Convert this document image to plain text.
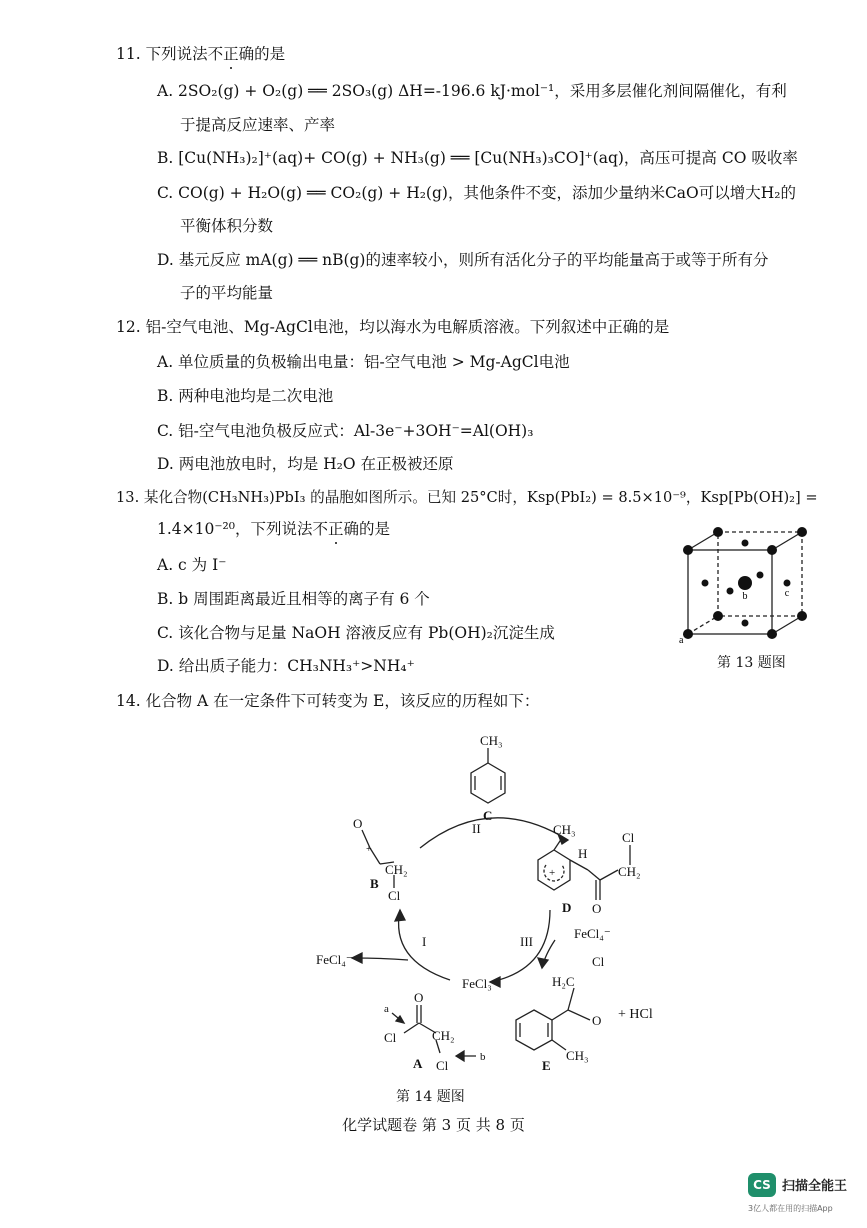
11. 下列说法不正确的是
A. 2SO₂(g) + O₂(g) ══ 2SO₃(g) ΔH=-196.6 kJ·mol⁻¹，采用多层催化剂间隔催化，有利
于提高反应速率、产率
B. [Cu(NH₃)₂]⁺(aq)+ CO(g) + NH₃(g) ══ [Cu(NH₃)₃CO]⁺(aq)，高压可提高 CO 吸收率
C. CO(g) + H₂O(g) ══ CO₂(g) + H₂(g)，其他条件不变，添加少量纳米CaO可以增大H₂的
平衡体积分数
D. 基元反应 mA(g) ══ nB(g)的速率较小，则所有活化分子的平均能量高于或等于所有分
子的平均能量
12. 铝-空气电池、Mg-AgCl电池，均以海水为电解质溶液。下列叙述中正确的是
A. 单位质量的负极输出电量：铝-空气电池 > Mg-AgCl电池
B. 两种电池均是二次电池
C. 铝-空气电池负极反应式：Al-3e⁻+3OH⁻=Al(OH)₃
D. 两电池放电时，均是 H₂O 在正极被还原
13. 某化合物(CH₃NH₃)PbI₃ 的晶胞如图所示。已知 25°C时，Ksp(PbI₂) = 8.5×10⁻⁹，Ksp[Pb(OH)₂] =
1.4×10⁻²⁰，下列说法不正确的是
A. c 为 I⁻
B. b 周围距离最近且相等的离子有 6 个
C. 该化合物与足量 NaOH 溶液反应有 Pb(OH)₂沉淀生成
D. 给出质子能力：CH₃NH₃⁺>NH₄⁺
b	c
a
第 13 题图
14. 化合物 A 在一定条件下可转变为 E，该反应的历程如下：
CH₃
C
II
O
+
CH₂
Cl
B
CH₃
H
Cl
CH₂
O
+
D
III
FeCl₄⁻
I
FeCl₄⁻
FeCl₃
O
a
Cl	CH₂
Cl
b
A
H₂C
Cl
O
CH₃
E
+ HCl
第 14 题图
化学试题卷 第 3 页 共 8 页
CS 扫描全能王
3亿人都在用的扫描App
